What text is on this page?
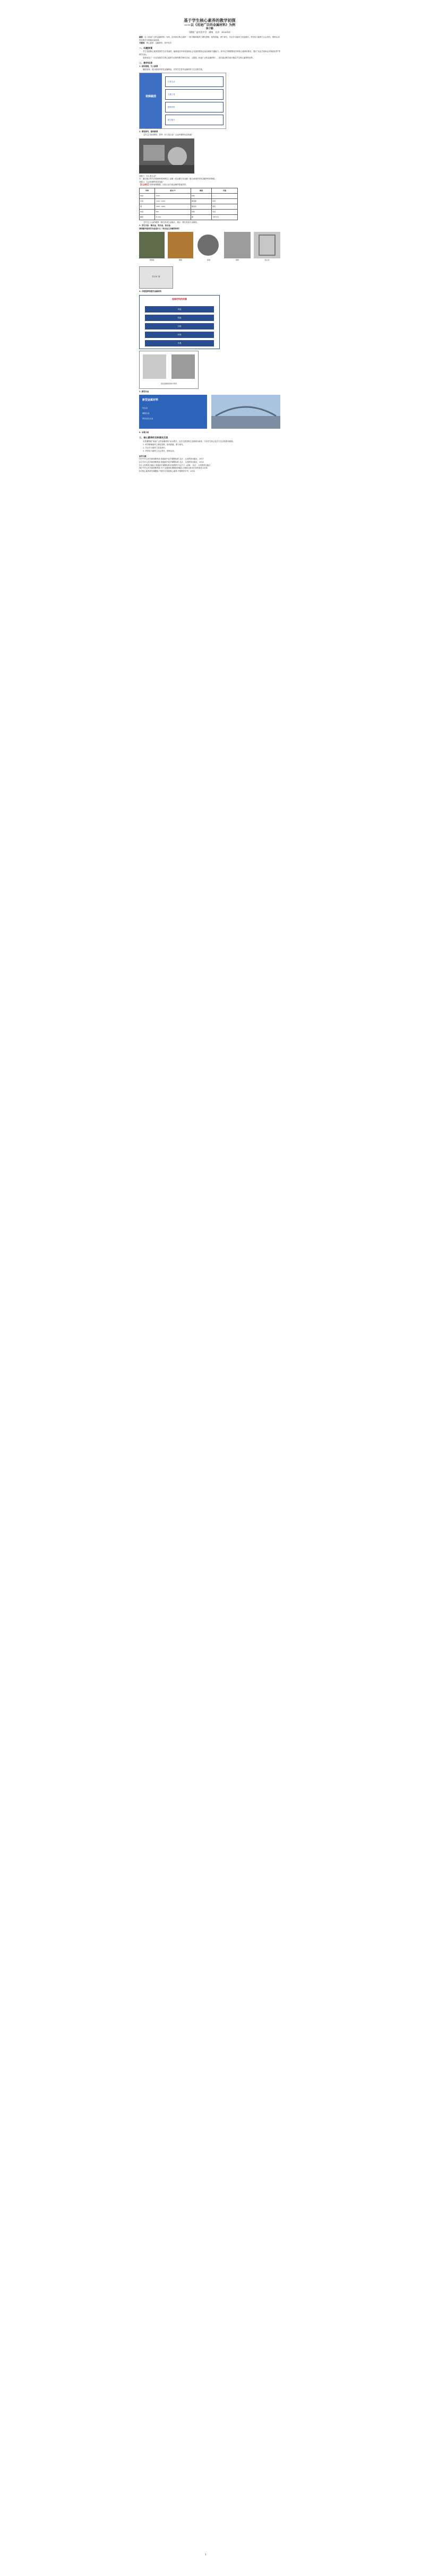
基于学生核心素养的教学初探

——以《用途广泛的金属材料》为例

陈子勤

（湖南广益实验中学　湖南　长沙　410014）

摘要：以《用途广泛的金属材料》为例，初步探讨核心素养一一科学精神素养之理性思维、批判质疑，勇于探究，学会学习素养之信息意识，责任担当素养之社会责任，国家认同等在教学中的落实和培养。

关键词：核心素养；金属材料；高中化学

一、问题背景

学生发展核心素养是指学生应具备的，能够适应终身发展和社会发展需要的必备品格和关键能力。高中化学课程围绕学科核心素养的要求，提出“从化学视角认识物质世界”等教学目标。

笔者参加了一次以发展学生核心素养为目的的教学研讨活动，主题是《用途广泛的金属材料》，旨在通过教学设计落实学生核心素养的培养。

二、教学实录

1. 创设情境，引入新课

播放视频，展示校园内常见金属制品，引导学生思考金属材料与生活的关系。

视频截图
日常生活
交通工具
建筑材料
航空航天

2. 课堂探究，建构新课

【学生】阅读教材，思考：什么是合金？合金有哪些优良性能？

问题 1：什么是合金？

答：通过熔合等方法把两种或两种以上金属（或金属与非金属）熔合而成的具有金属特性的物质。

问题 2：合金有哪些优良性能？

【自主探究】阅读表格数据，比较合金与纯金属的性能差异。

材料	熔点/℃	硬度	用途
纯铁	1535	较软	——
生铁	1100~1200	硬而脆	铸造
钢	1300~1400	硬而韧	建筑
纯铝	660	较软	导线
硬铝	约 500	硬	飞机外壳

【学生】合金的硬度一般比其成分金属大，熔点一般比其成分金属低。

3. 学生讨论：铜合金、铁合金、铝合金

我国最早使用的合金是什么？铁合金又有哪些种类？

青铜鼎	铜镜	铁锅	钢管	铝合金
铝合金门窗

4. 合理选择和使用金属材料

选择材料的依据
用途
性能
价格
环保
外观
废旧金属的回收与利用

5. 新型合金

新型金属材料
钛合金
储氢合金
形状记忆合金

6. 本课小结

三、核心素养的目标落实反思

本堂课围绕“用途广泛的金属材料”设计教学，以学生熟悉的生活情境为载体，引导学生体会化学与生活的密切联系。

1. 科学精神素养之理性思维，批判质疑，勇于探究。

2. 学会学习素养之信息意识。

3. 责任担当素养之社会责任，国家认同。

参考文献：

[1] 中华人民共和国教育部.普通高中化学课程标准.北京：人民教育出版社，2017

[2] 中华人民共和国教育部.普通高中化学课程标准.北京：人民教育出版社，2003

[3] 人民教育出版社.普通高中课程标准实验教科书 化学 1（必修）.北京：人民教育出版社

[4] 中华人民共和国教育部.关于全面深化课程改革落实立德树人根本任务的意见.2014

[5] 核心素养研究课题组.中国学生发展核心素养.中国教育学刊，2016

1
